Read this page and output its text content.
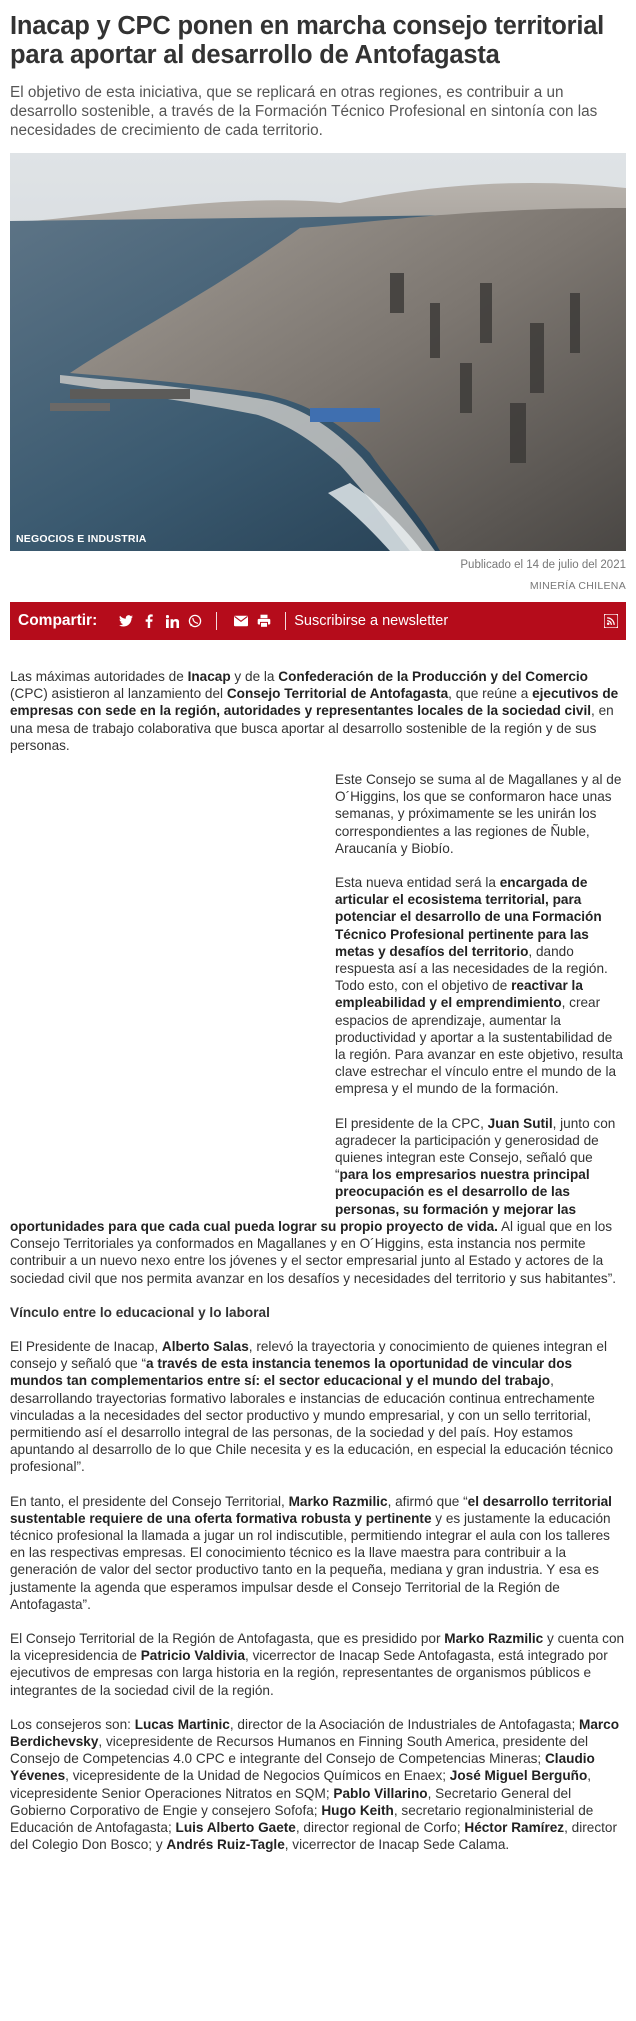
Inacap y CPC ponen en marcha consejo territorial para aportar al desarrollo de Antofagasta

El objetivo de esta iniciativa, que se replicará en otras regiones, es contribuir a un desarrollo sostenible, a través de la Formación Técnico Profesional en sintonía con las necesidades de crecimiento de cada territorio.

NEGOCIOS E INDUSTRIA
Publicado el 14 de julio del 2021
MINERÍA CHILENA
Compartir:	Suscribirse a newsletter

Las máximas autoridades de Inacap y de la Confederación de la Producción y del Comercio (CPC) asistieron al lanzamiento del Consejo Territorial de Antofagasta, que reúne a ejecutivos de empresas con sede en la región, autoridades y representantes locales de la sociedad civil, en una mesa de trabajo colaborativa que busca aportar al desarrollo sostenible de la región y de sus personas.

Este Consejo se suma al de Magallanes y al de O´Higgins, los que se conformaron hace unas semanas, y próximamente se les unirán los correspondientes a las regiones de Ñuble, Araucanía y Biobío.

Esta nueva entidad será la encargada de articular el ecosistema territorial, para potenciar el desarrollo de una Formación Técnico Profesional pertinente para las metas y desafíos del territorio, dando respuesta así a las necesidades de la región. Todo esto, con el objetivo de reactivar la empleabilidad y el emprendimiento, crear espacios de aprendizaje, aumentar la productividad y aportar a la sustentabilidad de la región. Para avanzar en este objetivo, resulta clave estrechar el vínculo entre el mundo de la empresa y el mundo de la formación.

El presidente de la CPC, Juan Sutil, junto con agradecer la participación y generosidad de quienes integran este Consejo, señaló que “para los empresarios nuestra principal preocupación es el desarrollo de las personas, su formación y mejorar las oportunidades para que cada cual pueda lograr su propio proyecto de vida. Al igual que en los Consejo Territoriales ya conformados en Magallanes y en O´Higgins, esta instancia nos permite contribuir a un nuevo nexo entre los jóvenes y el sector empresarial junto al Estado y actores de la sociedad civil que nos permita avanzar en los desafíos y necesidades del territorio y sus habitantes”.

Vínculo entre lo educacional y lo laboral

El Presidente de Inacap, Alberto Salas, relevó la trayectoria y conocimiento de quienes integran el consejo y señaló que “a través de esta instancia tenemos la oportunidad de vincular dos mundos tan complementarios entre sí: el sector educacional y el mundo del trabajo, desarrollando trayectorias formativo laborales e instancias de educación continua entrechamente vinculadas a la necesidades del sector productivo y mundo empresarial, y con un sello territorial, permitiendo así el desarrollo integral de las personas, de la sociedad y del país. Hoy estamos apuntando al desarrollo de lo que Chile necesita y es la educación, en especial la educación técnico profesional”.

En tanto, el presidente del Consejo Territorial, Marko Razmilic, afirmó que “el desarrollo territorial sustentable requiere de una oferta formativa robusta y pertinente y es justamente la educación técnico profesional la llamada a jugar un rol indiscutible, permitiendo integrar el aula con los talleres en las respectivas empresas. El conocimiento técnico es la llave maestra para contribuir a la generación de valor del sector productivo tanto en la pequeña, mediana y gran industria. Y esa es justamente la agenda que esperamos impulsar desde el Consejo Territorial de la Región de Antofagasta”.

El Consejo Territorial de la Región de Antofagasta, que es presidido por Marko Razmilic y cuenta con la vicepresidencia de Patricio Valdivia, vicerrector de Inacap Sede Antofagasta, está integrado por ejecutivos de empresas con larga historia en la región, representantes de organismos públicos e integrantes de la sociedad civil de la región.

Los consejeros son: Lucas Martinic, director de la Asociación de Industriales de Antofagasta; Marco Berdichevsky, vicepresidente de Recursos Humanos en Finning South America, presidente del Consejo de Competencias 4.0 CPC e integrante del Consejo de Competencias Mineras; Claudio Yévenes, vicepresidente de la Unidad de Negocios Químicos en Enaex; José Miguel Berguño, vicepresidente Senior Operaciones Nitratos en SQM; Pablo Villarino, Secretario General del Gobierno Corporativo de Engie y consejero Sofofa; Hugo Keith, secretario regionalministerial de Educación de Antofagasta; Luis Alberto Gaete, director regional de Corfo; Héctor Ramírez, director del Colegio Don Bosco; y Andrés Ruiz-Tagle, vicerrector de Inacap Sede Calama.
